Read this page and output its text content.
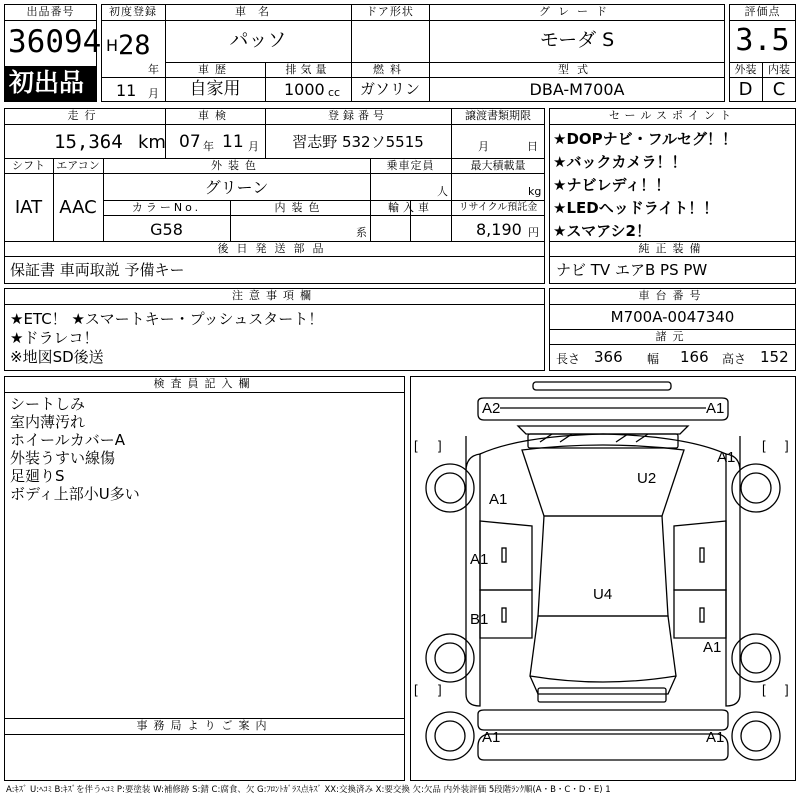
出品番号
36094
初出品
初度登録
H 28
年
11 月
車名
パッソ
ドア形状	グレード
モーダ S
車歴
自家用
排気量
1000 cc
燃料
ガソリン
型式
DBA-M700A
評価点
3.5
外装	内装
D	C
走行
15,364 km
車検
07 年 11 月
登録番号
習志野 532ソ5515
譲渡書類期限
月	日
シフト
IAT
エアコン
AAC
外装色
グリーン
乗車定員
人
最大積載量
kg
カラーNo.
G58
内装色
系
輸入車	リサイクル預託金
8,190 円
後日発送部品
保証書 車両取説 予備キー
セールスポイント
★DOPナビ・フルセグ！！
★バックカメラ！！
★ナビレディ！！
★LEDヘッドライト！！
★スマアシ2！
純正装備
ナビ TV エアB PS PW
注意事項欄
★ETC！ ★スマートキー・プッシュスタート！
★ドラレコ！
※地図SD後送
車台番号
M700A-0047340
諸元
長さ 366 幅 166 高さ 152
検査員記入欄
シートしみ
室内薄汚れ
ホイールカバーA
外装うすい線傷
足廻りS
ボディ上部小U多い
事務局よりご案内
[ ]	[ ]
[ ]	[ ]
A2	A1
A1
U2
A1
A1
U4
B1
A1
A1	A1
A:ｷｽﾞ U:ﾍｺﾐ B:ｷｽﾞを伴うﾍｺﾐ P:要塗装 W:補修跡 S:錆 C:腐食、欠 G:ﾌﾛﾝﾄｶﾞﾗｽ点ｷｽﾞ XX:交換済み X:要交換 欠:欠品 内外装評価 5段階ﾗﾝｸ順(A・B・C・D・E) 1
